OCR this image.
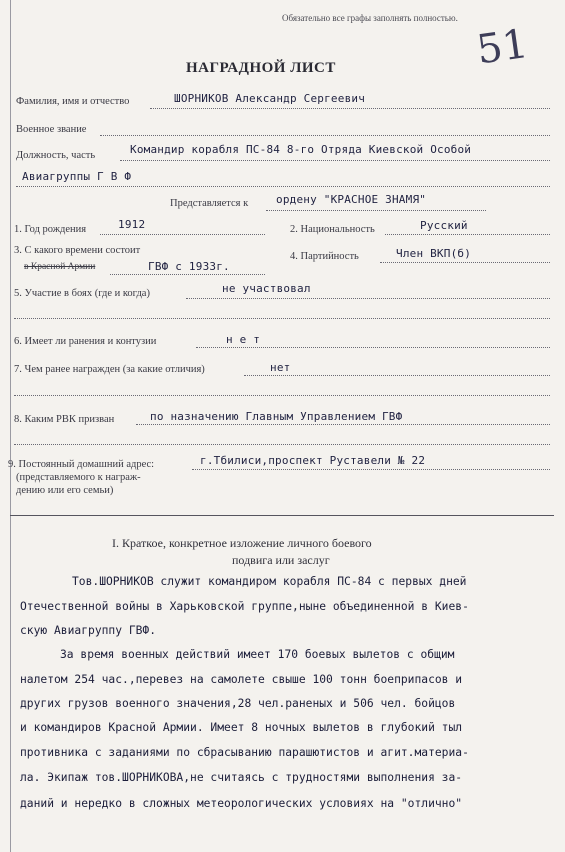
Обязательно все графы заполнять полностью.
51
НАГРАДНОЙ ЛИСТ
Фамилия, имя и отчество	ШОРНИКОВ Александр Сергеевич
Военное звание
Должность, часть	Командир корабля ПС-84 8-го Отряда Киевской Особой
Авиагруппы Г В Ф
Представляется к	ордену "КРАСНОЕ ЗНАМЯ"
1. Год рождения	1912	2. Национальность	Русский
3. С какого времени состоит
в Красной Армии	ГВФ с 1933г.
4. Партийность	Член ВКП(б)
5. Участие в боях (где и когда)	не участвовал
6. Имеет ли ранения и контузии	н е т
7. Чем ранее награжден (за какие отличия)	нет
8. Каким РВК призван	по назначению Главным Управлением ГВФ
9. Постоянный домашний адрес:
(представляемого к награж-
дению или его семьи)
г.Тбилиси,проспект Руставели № 22
I. Краткое, конкретное изложение личного боевого
подвига или заслуг
Тов.ШОРНИКОВ служит командиром корабля ПС-84 с первых дней
Отечественной войны в Харьковской группе,ныне объединенной в Киев-
скую Авиагруппу ГВФ.
За время военных действий имеет 170 боевых вылетов с общим
налетом 254 час.,перевез на самолете свыше 100 тонн боеприпасов и
других грузов военного значения,28 чел.раненых и 506 чел. бойцов
и командиров Красной Армии. Имеет 8 ночных вылетов в глубокий тыл
противника с заданиями по сбрасыванию парашютистов и агит.материа-
ла. Экипаж тов.ШОРНИКОВА,не считаясь с трудностями выполнения за-
даний и нередко в сложных метеорологических условиях на "отлично"
